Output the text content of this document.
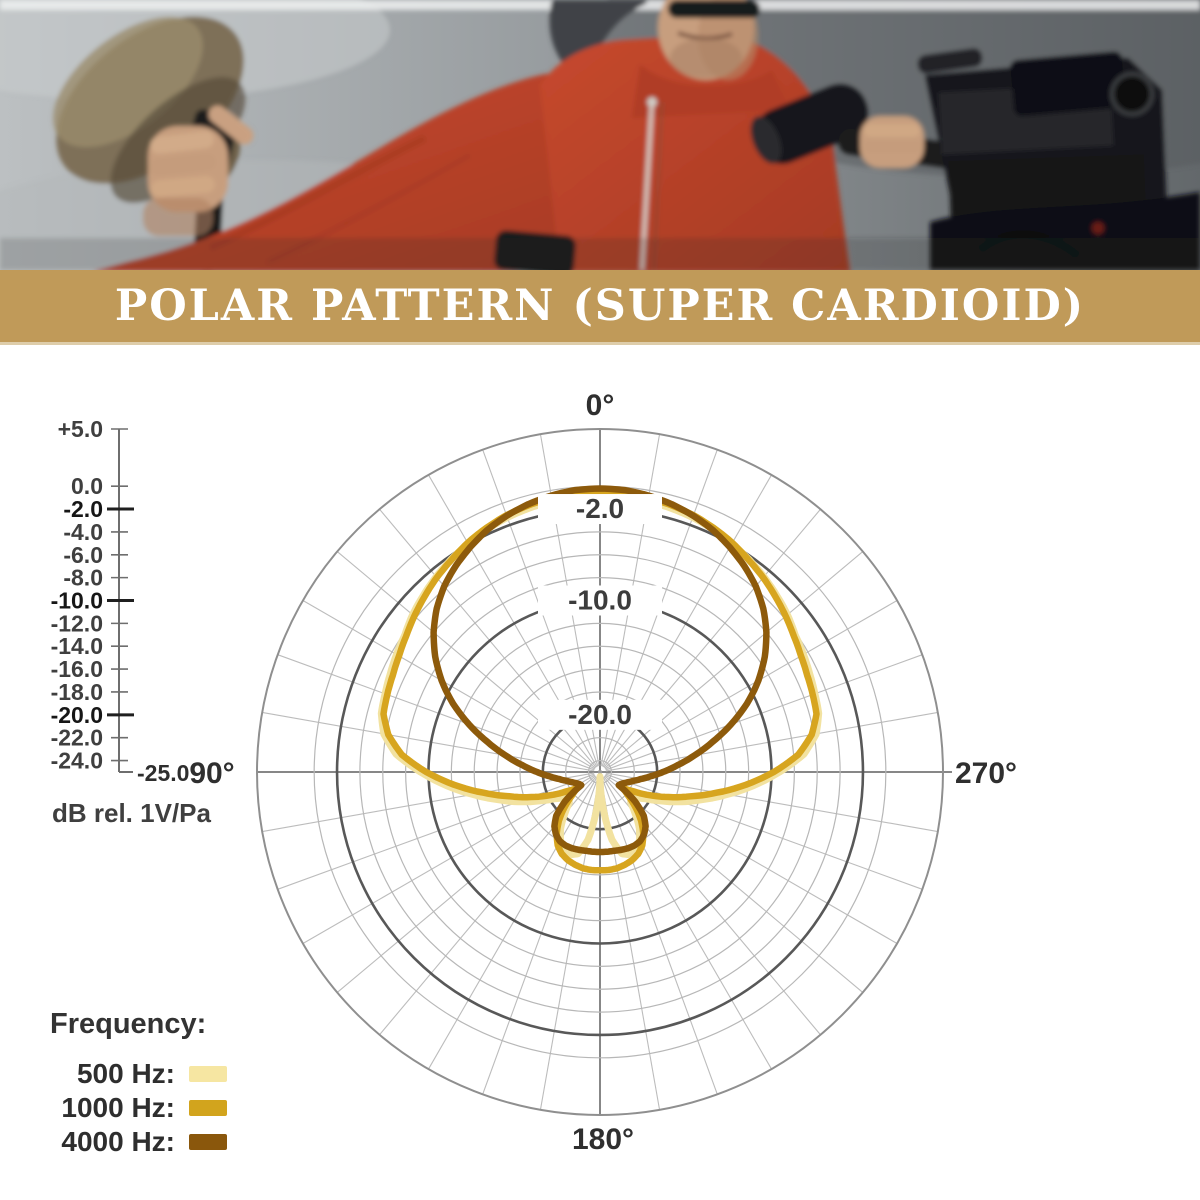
+5.0
0.0
-2.0
-4.0
-6.0
-8.0
-10.0
-12.0
-14.0
-16.0
-18.0
-20.0
-22.0
-24.0 -25.0
dB rel. 1V/Pa
-2.0
-10.0
-20.0
0°
90°
180°
270°
POLAR PATTERN (SUPER CARDIOID)
Frequency:
500 Hz:
1000 Hz:
4000 Hz:
